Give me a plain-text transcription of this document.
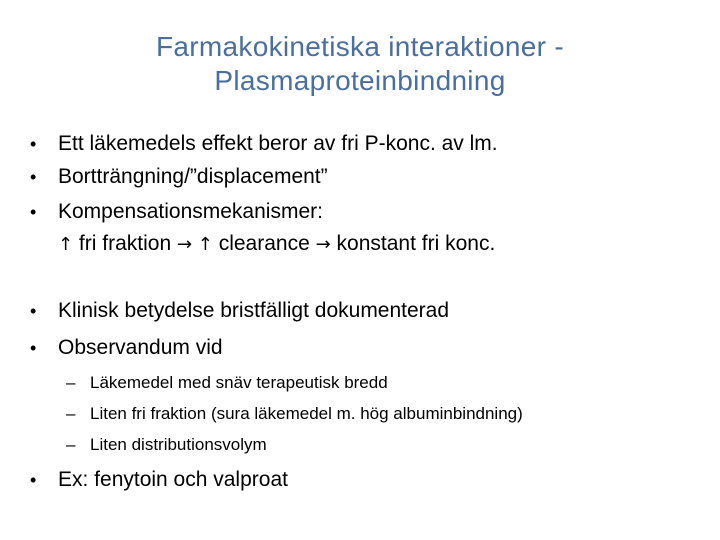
Farmakokinetiska interaktioner -
Plasmaproteinbindning
•	Ett läkemedels effekt beror av fri P-konc. av lm.
•	Bortträngning/”displacement”
•	Kompensationsmekanismer:
↑ fri fraktion → ↑ clearance → konstant fri konc.
•	Klinisk betydelse bristfälligt dokumenterad
•	Observandum vid
– Läkemedel med snäv terapeutisk bredd
– Liten fri fraktion (sura läkemedel m. hög albuminbindning)
– Liten distributionsvolym
•	Ex: fenytoin och valproat
